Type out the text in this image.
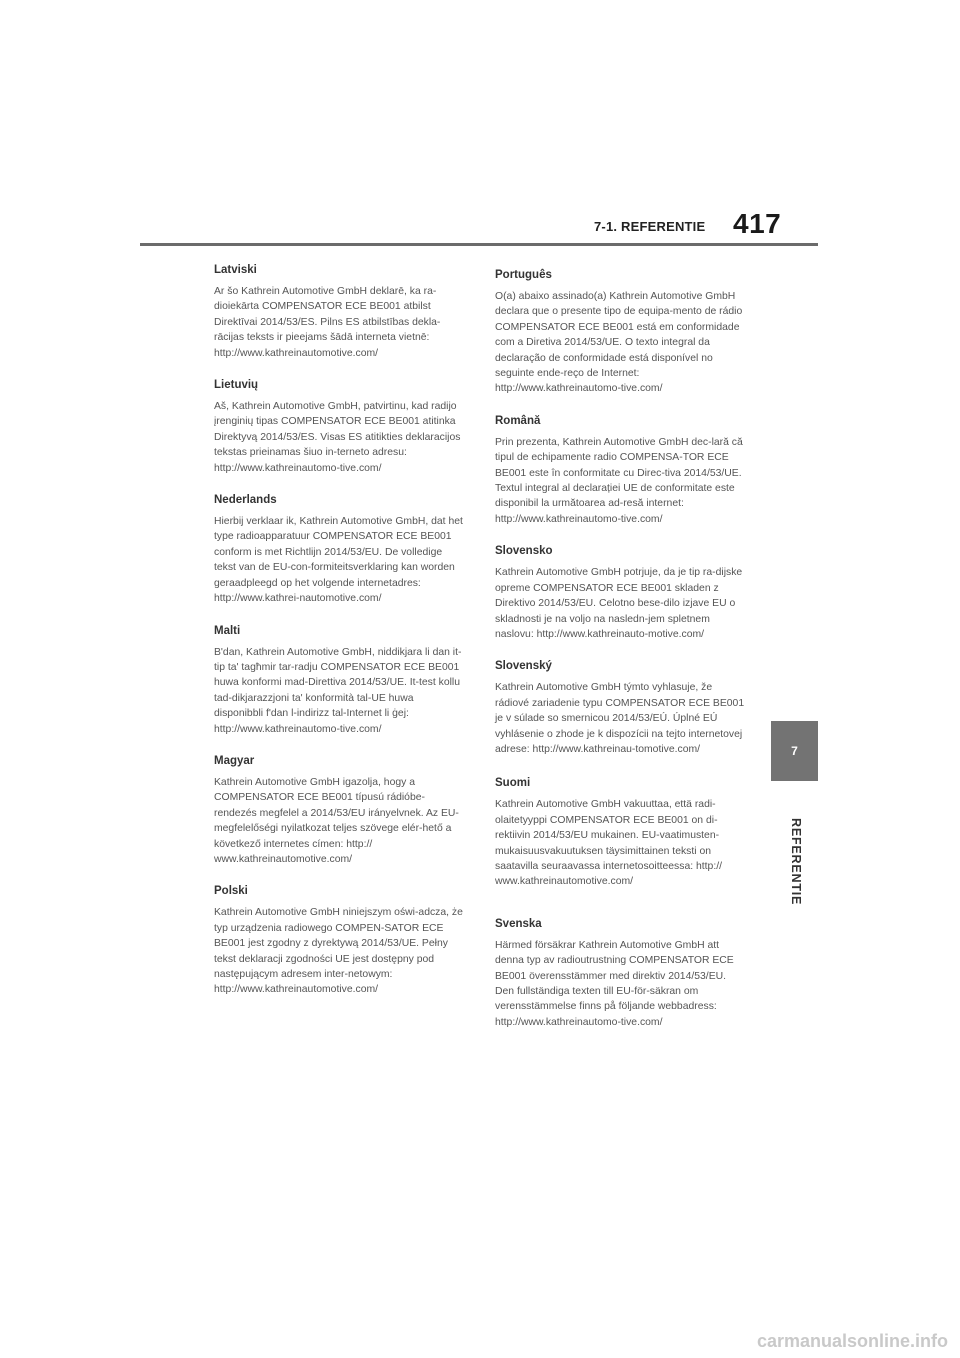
7-1. REFERENTIE 417
Latviski

Ar šo Kathrein Automotive GmbH deklarē, ka ra-dioiekārta COMPENSATOR ECE BE001 atbilst Direktīvai 2014/53/ES. Pilns ES atbilstības dekla-rācijas teksts ir pieejams šādā interneta vietnē: http://www.kathreinautomotive.com/

Lietuvių

Aš, Kathrein Automotive GmbH, patvirtinu, kad radijo įrenginių tipas COMPENSATOR ECE BE001 atitinka Direktyvą 2014/53/ES. Visas ES atitikties deklaracijos tekstas prieinamas šiuo in-terneto adresu: http://www.kathreinautomo-tive.com/

Nederlands

Hierbij verklaar ik, Kathrein Automotive GmbH, dat het type radioapparatuur COMPENSATOR ECE BE001 conform is met Richtlijn 2014/53/EU. De volledige tekst van de EU-con-formiteitsverklaring kan worden geraadpleegd op het volgende internetadres: http://www.kathrei-nautomotive.com/

Malti

B'dan, Kathrein Automotive GmbH, niddikjara li dan it-tip ta' tagħmir tar-radju COMPENSATOR ECE BE001 huwa konformi mad-Direttiva 2014/53/UE. It-test kollu tad-dikjarazzjoni ta' konformità tal-UE huwa disponibbli f'dan l-indirizz tal-Internet li ġej: http://www.kathreinautomo-tive.com/

Magyar

Kathrein Automotive GmbH igazolja, hogy a COMPENSATOR ECE BE001 típusú rádióbe-rendezés megfelel a 2014/53/EU irányelvnek. Az EU-megfelelőségi nyilatkozat teljes szövege elér-hető a következő internetes címen: http:// www.kathreinautomotive.com/

Polski

Kathrein Automotive GmbH niniejszym oświ-adcza, że typ urządzenia radiowego COMPEN-SATOR ECE BE001 jest zgodny z dyrektywą 2014/53/UE. Pełny tekst deklaracji zgodności UE jest dostępny pod następującym adresem inter-netowym: http://www.kathreinautomotive.com/

Português

O(a) abaixo assinado(a) Kathrein Automotive GmbH declara que o presente tipo de equipa-mento de rádio COMPENSATOR ECE BE001 está em conformidade com a Diretiva 2014/53/UE. O texto integral da declaração de conformidade está disponível no seguinte ende-reço de Internet: http://www.kathreinautomo-tive.com/

Română

Prin prezenta, Kathrein Automotive GmbH dec-lară că tipul de echipamente radio COMPENSA-TOR ECE BE001 este în conformitate cu Direc-tiva 2014/53/UE. Textul integral al declarației UE de conformitate este disponibil la următoarea ad-resă internet: http://www.kathreinautomo-tive.com/

Slovensko

Kathrein Automotive GmbH potrjuje, da je tip ra-dijske opreme COMPENSATOR ECE BE001 skladen z Direktivo 2014/53/EU. Celotno bese-dilo izjave EU o skladnosti je na voljo na nasledn-jem spletnem naslovu: http://www.kathreinauto-motive.com/

Slovenský

Kathrein Automotive GmbH týmto vyhlasuje, že rádiové zariadenie typu COMPENSATOR ECE BE001 je v súlade so smernicou 2014/53/EÚ. Úplné EÚ vyhlásenie o zhode je k dispozícii na tejto internetovej adrese: http://www.kathreinau-tomotive.com/

Suomi

Kathrein Automotive GmbH vakuuttaa, että radi-olaitetyyppi COMPENSATOR ECE BE001 on di-rektiivin 2014/53/EU mukainen. EU-vaatimusten-mukaisuusvakuutuksen täysimittainen teksti on saatavilla seuraavassa internetosoitteessa: http:// www.kathreinautomotive.com/

Svenska

Härmed försäkrar Kathrein Automotive GmbH att denna typ av radioutrustning COMPENSATOR ECE BE001 överensstämmer med direktiv 2014/53/EU. Den fullständiga texten till EU-för-säkran om verensstämmelse finns på följande webbadress: http://www.kathreinautomo-tive.com/

7
REFERENTIE
carmanualsonline.info
